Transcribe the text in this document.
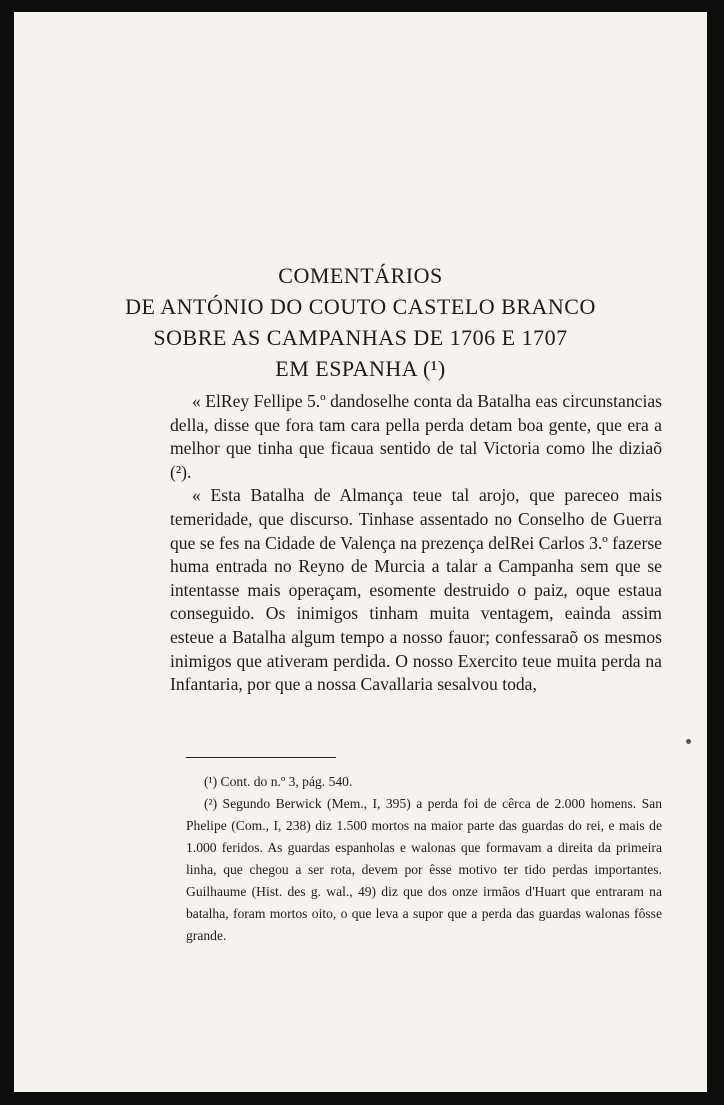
COMENTÁRIOS
DE ANTÓNIO DO COUTO CASTELO BRANCO
SOBRE AS CAMPANHAS DE 1706 E 1707
EM ESPANHA (¹)

« ElRey Fellipe 5.º dandoselhe conta da Batalha eas circunstancias della, disse que fora tam cara pella perda detam boa gente, que era a melhor que tinha que ficaua sentido de tal Victoria como lhe diziaõ (²).

« Esta Batalha de Almança teue tal arojo, que pareceo mais temeridade, que discurso. Tinhase assentado no Conselho de Guerra que se fes na Cidade de Valença na prezença delRei Carlos 3.º fazerse huma entrada no Reyno de Murcia a talar a Campanha sem que se intentasse mais operaçam, esomente destruido o paiz, oque estaua conseguido. Os inimigos tinham muita ventagem, eainda assim esteue a Batalha algum tempo a nosso fauor; confessaraõ os mesmos inimigos que ativeram perdida. O nosso Exercito teue muita perda na Infantaria, por que a nossa Cavallaria sesalvou toda,

(¹) Cont. do n.º 3, pág. 540.

(²) Segundo Berwick (Mem., I, 395) a perda foi de cêrca de 2.000 homens. San Phelipe (Com., I, 238) diz 1.500 mortos na maior parte das guardas do rei, e mais de 1.000 feridos. As guardas espanholas e walonas que formavam a direita da primeira linha, que chegou a ser rota, devem por êsse motivo ter tido perdas importantes. Guilhaume (Hist. des g. wal., 49) diz que dos onze irmãos d'Huart que entraram na batalha, foram mortos oito, o que leva a supor que a perda das guardas walonas fôsse grande.
